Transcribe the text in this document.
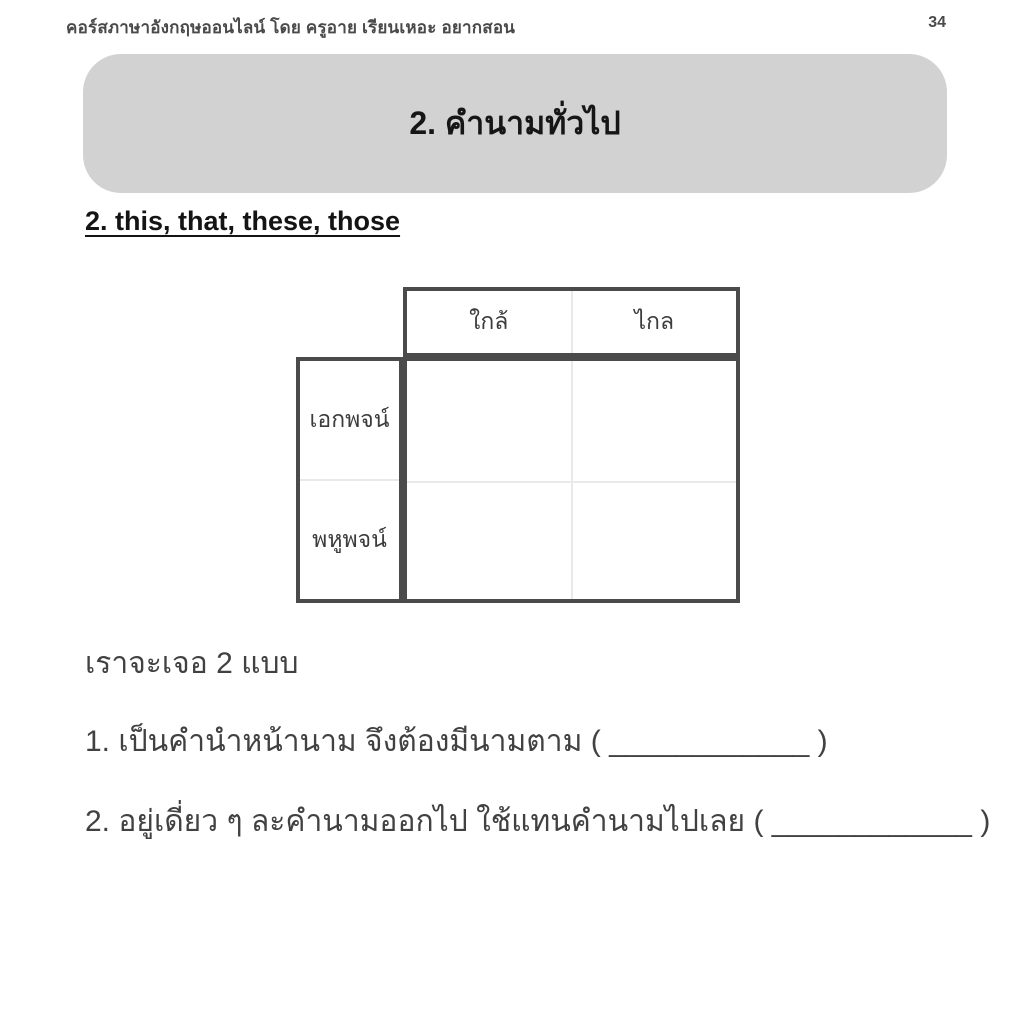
คอร์สภาษาอังกฤษออนไลน์ โดย ครูอาย เรียนเหอะ อยากสอน	34
2. คำนามทั่วไป
2. this, that, these, those
ใกล้	ไกล
เอกพจน์
พหูพจน์
เราจะเจอ 2 แบบ
1. เป็นคำนำหน้านาม จึงต้องมีนามตาม ( ____________ )
2. อยู่เดี่ยว ๆ ละคำนามออกไป ใช้แทนคำนามไปเลย ( ____________ )
